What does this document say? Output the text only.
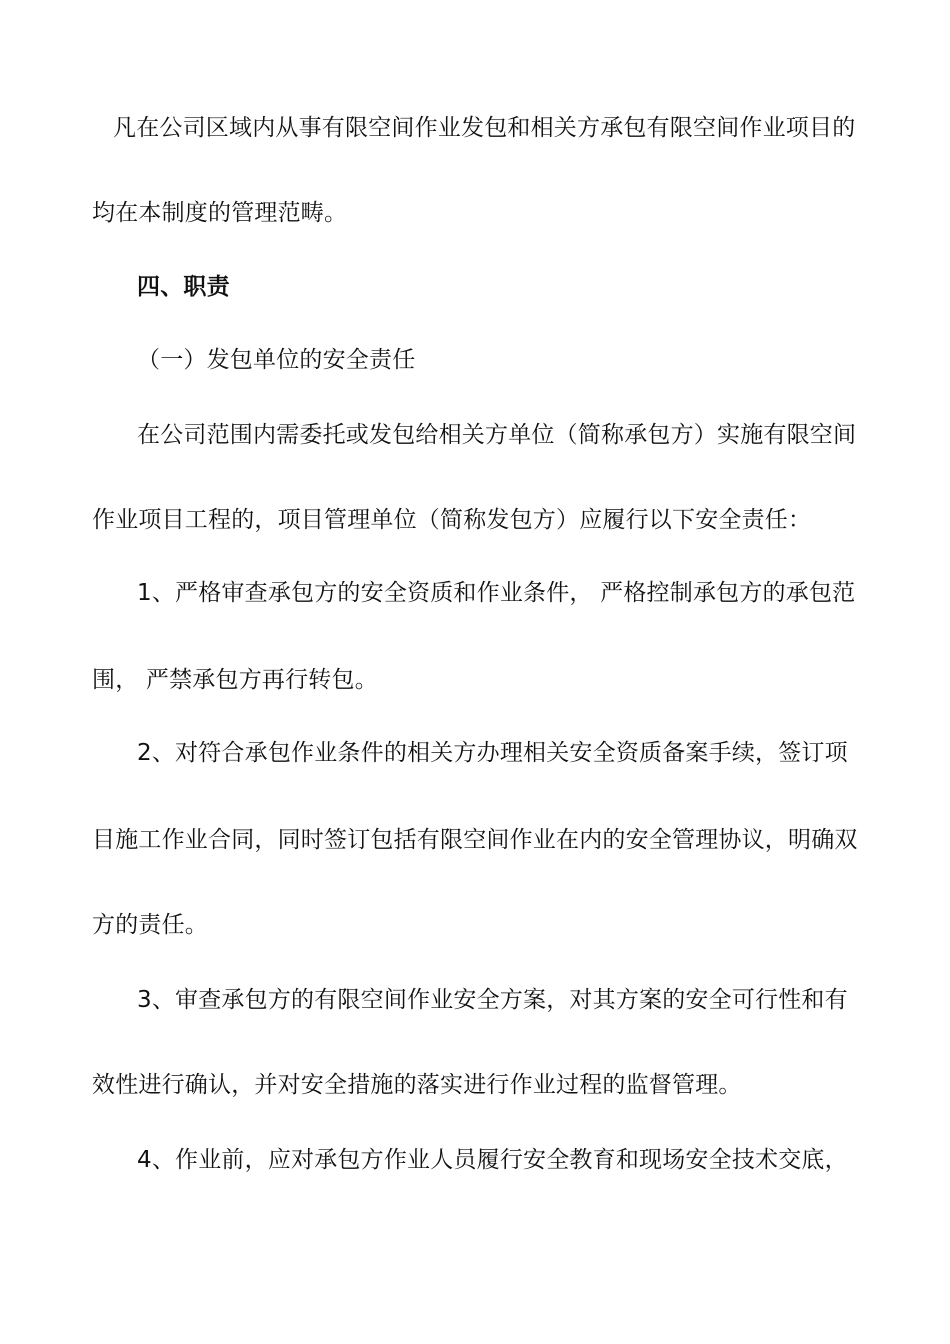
凡在公司区域内从事有限空间作业发包和相关方承包有限空间作业项目的
均在本制度的管理范畴。
四、职责
（一）发包单位的安全责任
在公司范围内需委托或发包给相关方单位（简称承包方）实施有限空间
作业项目工程的，项目管理单位（简称发包方）应履行以下安全责任：
1、严格审查承包方的安全资质和作业条件， 严格控制承包方的承包范
围， 严禁承包方再行转包。
2、对符合承包作业条件的相关方办理相关安全资质备案手续，签订项
目施工作业合同，同时签订包括有限空间作业在内的安全管理协议，明确双
方的责任。
3、审查承包方的有限空间作业安全方案，对其方案的安全可行性和有
效性进行确认，并对安全措施的落实进行作业过程的监督管理。
4、作业前，应对承包方作业人员履行安全教育和现场安全技术交底，
